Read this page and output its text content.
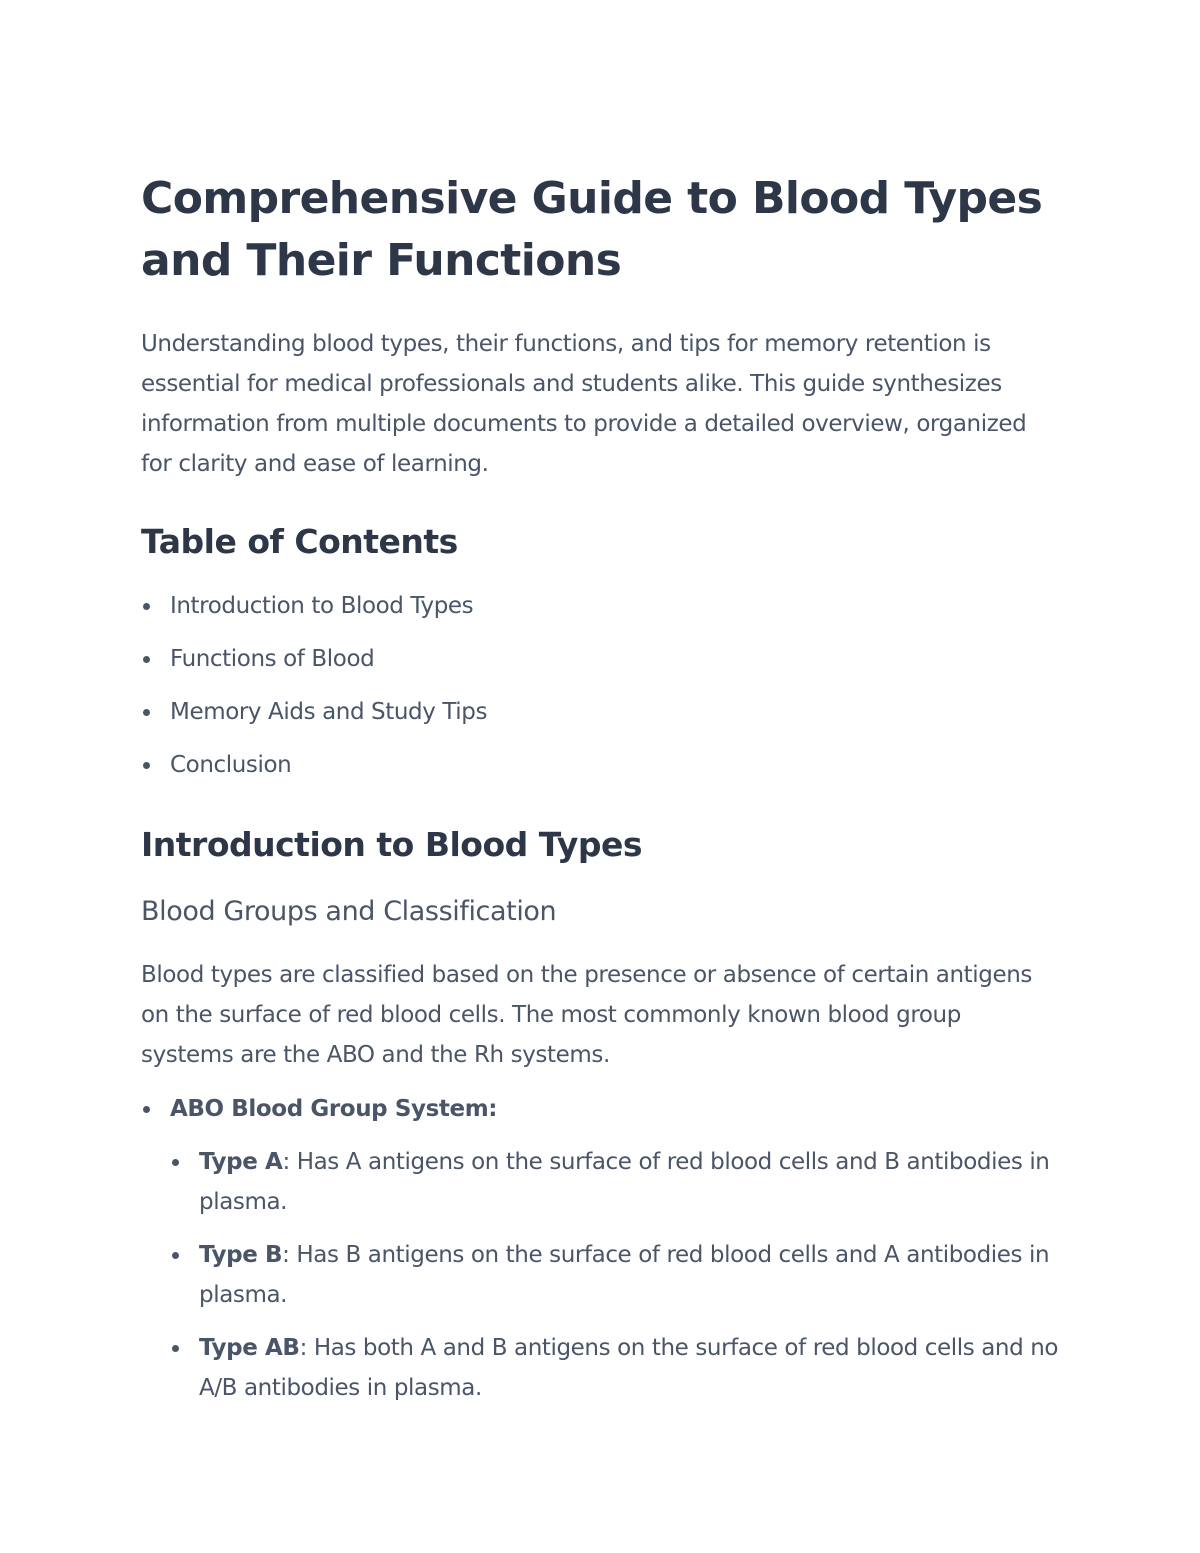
Comprehensive Guide to Blood Types and Their Functions

Understanding blood types, their functions, and tips for memory retention is essential for medical professionals and students alike. This guide synthesizes information from multiple documents to provide a detailed overview, organized for clarity and ease of learning.

Table of Contents
Introduction to Blood Types
Functions of Blood
Memory Aids and Study Tips
Conclusion
Introduction to Blood Types
Blood Groups and Classification

Blood types are classified based on the presence or absence of certain antigens on the surface of red blood cells. The most commonly known blood group systems are the ABO and the Rh systems.

ABO Blood Group System:
Type A: Has A antigens on the surface of red blood cells and B antibodies in plasma.
Type B: Has B antigens on the surface of red blood cells and A antibodies in plasma.
Type AB: Has both A and B antigens on the surface of red blood cells and no A/B antibodies in plasma.
